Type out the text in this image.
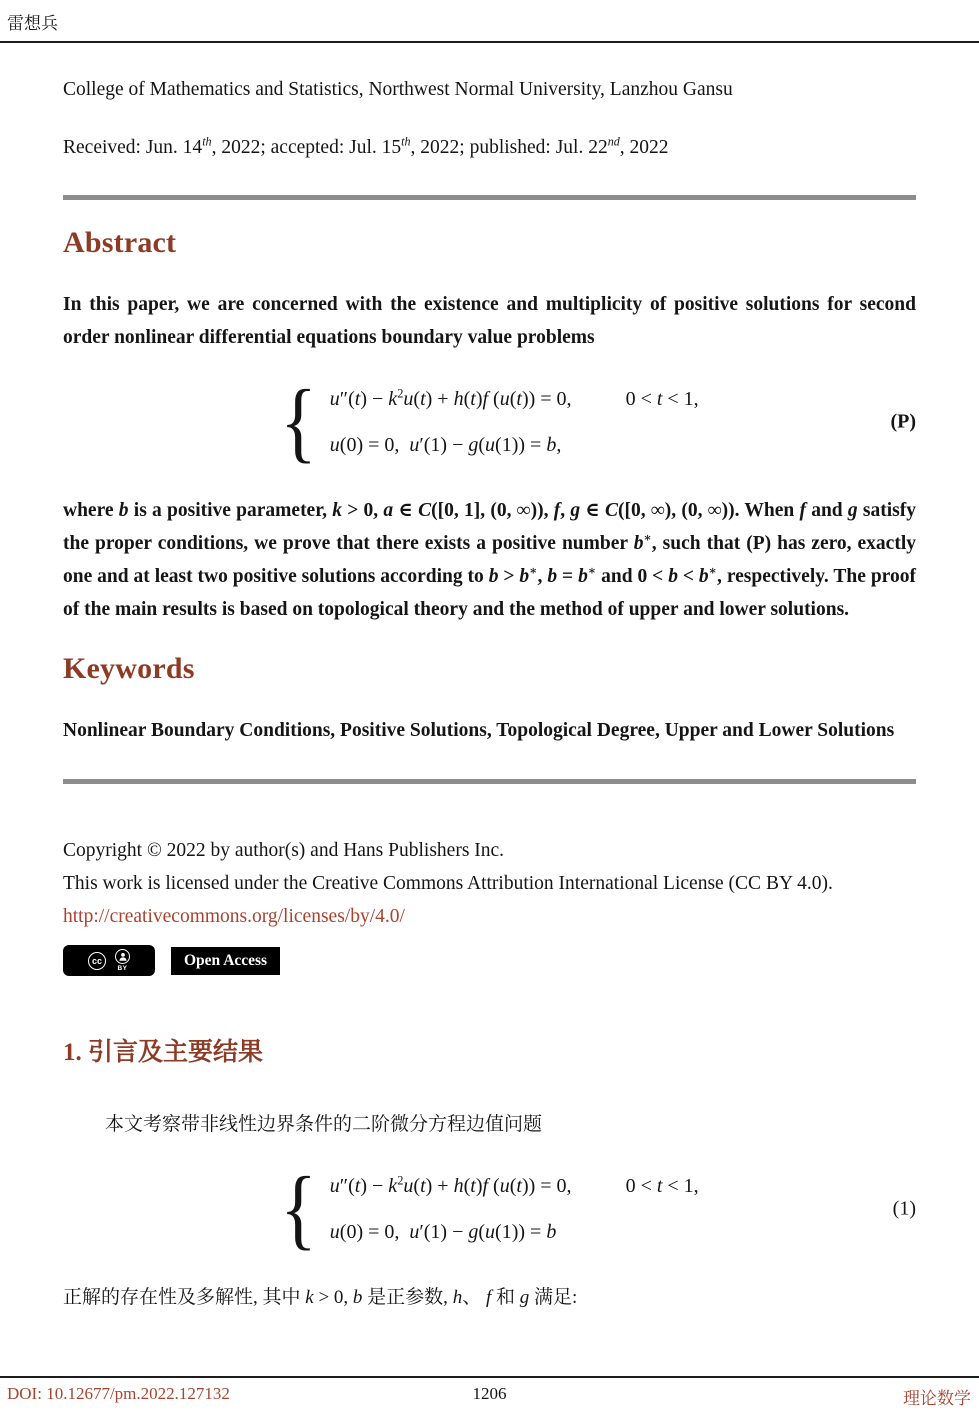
雷想兵

College of Mathematics and Statistics, Northwest Normal University, Lanzhou Gansu

Received: Jun. 14th, 2022; accepted: Jul. 15th, 2022; published: Jul. 22nd, 2022

Abstract

In this paper, we are concerned with the existence and multiplicity of positive solutions for second order nonlinear differential equations boundary value problems

{ $u''(t) - k^2u(t) + h(t)f$ (u(t)) = 0,	0 < t < 1,
u(0) = 0,  u′(1) − g(u(1)) = b,
(P)

where b is a positive parameter, k > 0, a ∈ C([0, 1], (0, ∞)), f, g ∈ C([0, ∞), (0, ∞)). When f and g satisfy the proper conditions, we prove that there exists a positive number b∗, such that (P) has zero, exactly one and at least two positive solutions according to b > b∗, b = b∗ and 0 < b < b∗, respectively. The proof of the main results is based on topological theory and the method of upper and lower solutions.

Keywords

Nonlinear Boundary Conditions, Positive Solutions, Topological Degree, Upper and Lower Solutions

Copyright © 2022 by author(s) and Hans Publishers Inc.

This work is licensed under the Creative Commons Attribution International License (CC BY 4.0).

http://creativecommons.org/licenses/by/4.0/

cc
BY	Open Access
1. 引言及主要结果

本文考察带非线性边界条件的二阶微分方程边值问题

{ $u''(t) - k^2u(t) + h(t)f$ (u(t)) = 0,	0 < t < 1,
u(0) = 0,  u′(1) − g(u(1)) = b
(1)

正解的存在性及多解性, 其中 k > 0, b 是正参数, h、 f 和 g 满足:

DOI: 10.12677/pm.2022.127132	1206	理论数学
